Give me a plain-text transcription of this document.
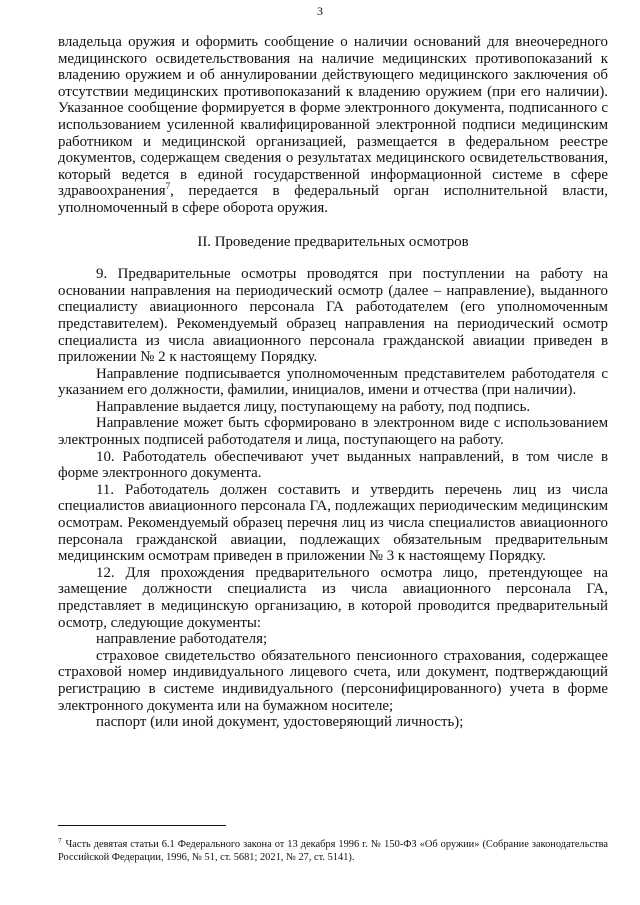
3

владельца оружия и оформить сообщение о наличии оснований для внеочередного медицинского освидетельствования на наличие медицинских противопоказаний к владению оружием и об аннулировании действующего медицинского заключения об отсутствии медицинских противопоказаний к владению оружием (при его наличии). Указанное сообщение формируется в форме электронного документа, подписанного с использованием усиленной квалифицированной электронной подписи медицинским работником и медицинской организацией, размещается в федеральном реестре документов, содержащем сведения о результатах медицинского освидетельствования, который ведется в единой государственной информационной системе в сфере здравоохранения$^7$, передается в федеральный орган исполнительной власти, уполномоченный в сфере оборота оружия.

II. Проведение предварительных осмотров

9. Предварительные осмотры проводятся при поступлении на работу на основании направления на периодический осмотр (далее – направление), выданного специалисту авиационного персонала ГА работодателем (его уполномоченным представителем). Рекомендуемый образец направления на периодический осмотр специалиста из числа авиационного персонала гражданской авиации приведен в приложении № 2 к настоящему Порядку.

Направление подписывается уполномоченным представителем работодателя с указанием его должности, фамилии, инициалов, имени и отчества (при наличии).

Направление выдается лицу, поступающему на работу, под подпись.

Направление может быть сформировано в электронном виде с использованием электронных подписей работодателя и лица, поступающего на работу.

10. Работодатель обеспечивают учет выданных направлений, в том числе в форме электронного документа.

11. Работодатель должен составить и утвердить перечень лиц из числа специалистов авиационного персонала ГА, подлежащих периодическим медицинским осмотрам. Рекомендуемый образец перечня лиц из числа специалистов авиационного персонала гражданской авиации, подлежащих обязательным предварительным медицинским осмотрам приведен в приложении № 3 к настоящему Порядку.

12. Для прохождения предварительного осмотра лицо, претендующее на замещение должности специалиста из числа авиационного персонала ГА, представляет в медицинскую организацию, в которой проводится предварительный осмотр, следующие документы:

направление работодателя;

страховое свидетельство обязательного пенсионного страхования, содержащее страховой номер индивидуального лицевого счета, или документ, подтверждающий регистрацию в системе индивидуального (персонифицированного) учета в форме электронного документа или на бумажном носителе;

паспорт (или иной документ, удостоверяющий личность);

$^7$ Часть девятая статьи 6.1 Федерального закона от 13 декабря 1996 г. № 150-ФЗ «Об оружии» (Собрание законодательства Российской Федерации, 1996, № 51, ст. 5681; 2021, № 27, ст. 5141).
